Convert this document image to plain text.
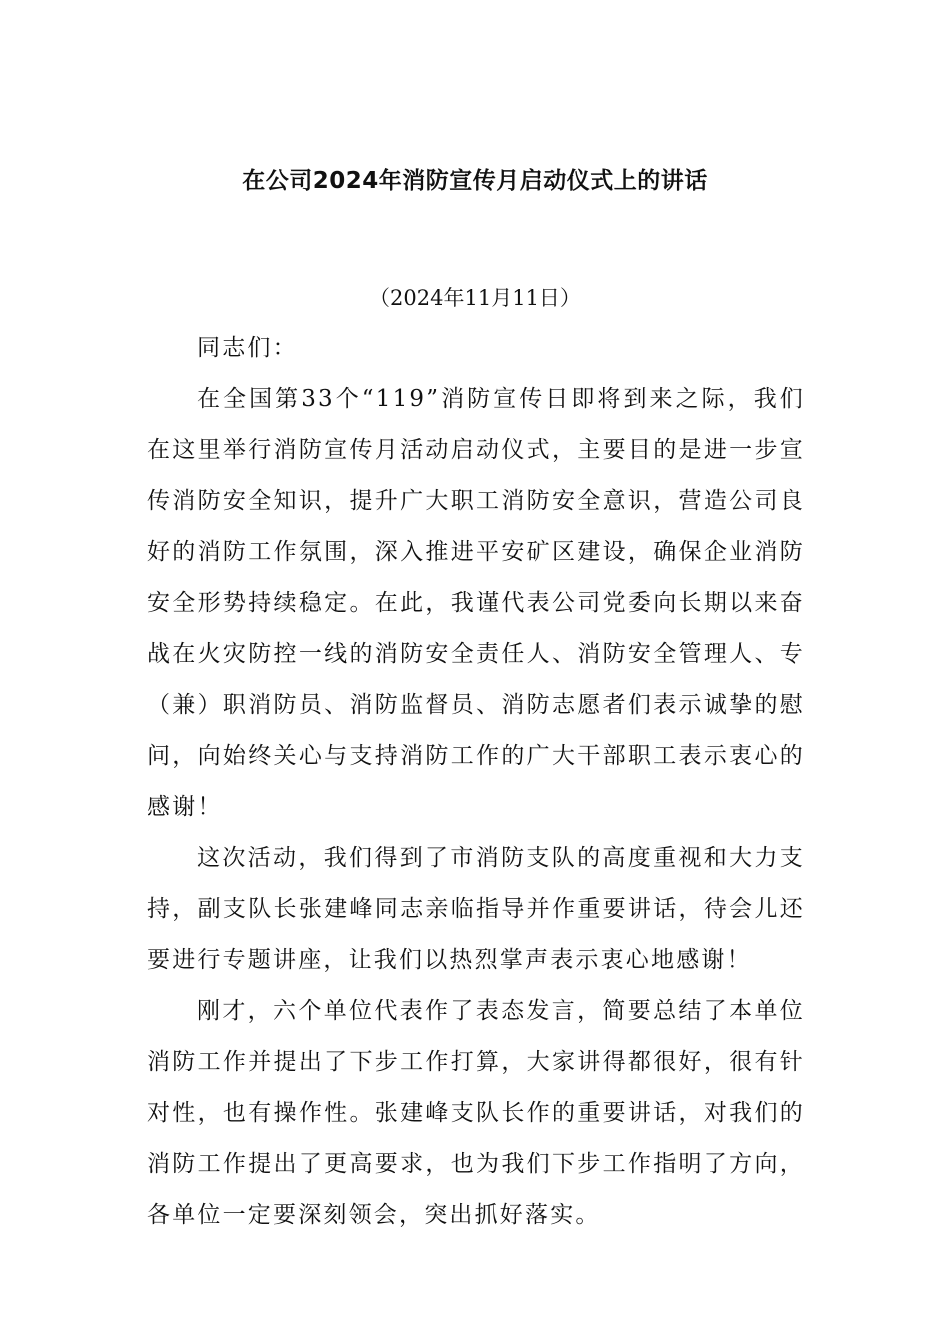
在公司2024年消防宣传月启动仪式上的讲话
（2024年11月11日）

同志们：

在全国第33个“119”消防宣传日即将到来之际，我们在这里举行消防宣传月活动启动仪式，主要目的是进一步宣传消防安全知识，提升广大职工消防安全意识，营造公司良好的消防工作氛围，深入推进平安矿区建设，确保企业消防安全形势持续稳定。在此，我谨代表公司党委向长期以来奋战在火灾防控一线的消防安全责任人、消防安全管理人、专（兼）职消防员、消防监督员、消防志愿者们表示诚挚的慰问，向始终关心与支持消防工作的广大干部职工表示衷心的感谢！

这次活动，我们得到了市消防支队的高度重视和大力支持，副支队长张建峰同志亲临指导并作重要讲话，待会儿还要进行专题讲座，让我们以热烈掌声表示衷心地感谢！

刚才，六个单位代表作了表态发言，简要总结了本单位消防工作并提出了下步工作打算，大家讲得都很好，很有针对性，也有操作性。张建峰支队长作的重要讲话，对我们的消防工作提出了更高要求，也为我们下步工作指明了方向，各单位一定要深刻领会，突出抓好落实。
